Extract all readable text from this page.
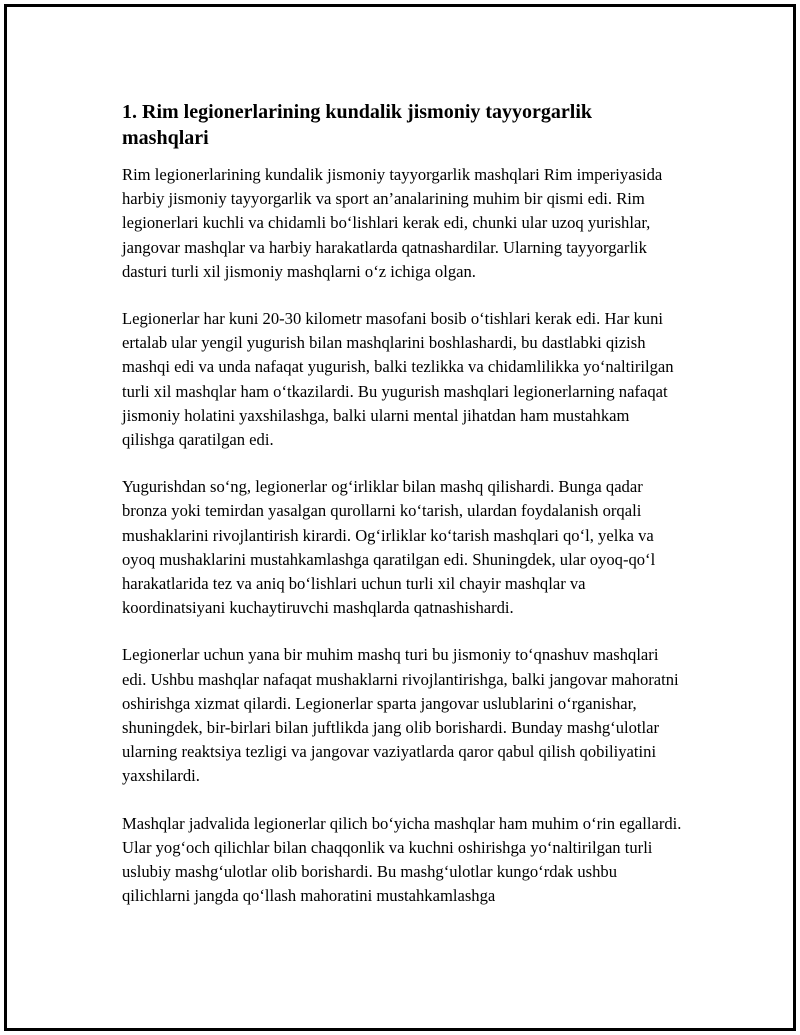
1. Rim legionerlarining kundalik jismoniy tayyorgarlik mashqlari

Rim legionerlarining kundalik jismoniy tayyorgarlik mashqlari Rim imperiyasida harbiy jismoniy tayyorgarlik va sport an’analarining muhim bir qismi edi. Rim legionerlari kuchli va chidamli bo‘lishlari kerak edi, chunki ular uzoq yurishlar, jangovar mashqlar va harbiy harakatlarda qatnashardilar. Ularning tayyorgarlik dasturi turli xil jismoniy mashqlarni o‘z ichiga olgan.

Legionerlar har kuni 20-30 kilometr masofani bosib o‘tishlari kerak edi. Har kuni ertalab ular yengil yugurish bilan mashqlarini boshlashardi, bu dastlabki qizish mashqi edi va unda nafaqat yugurish, balki tezlikka va chidamlilikka yo‘naltirilgan turli xil mashqlar ham o‘tkazilardi. Bu yugurish mashqlari legionerlarning nafaqat jismoniy holatini yaxshilashga, balki ularni mental jihatdan ham mustahkam qilishga qaratilgan edi.

Yugurishdan so‘ng, legionerlar og‘irliklar bilan mashq qilishardi. Bunga qadar bronza yoki temirdan yasalgan qurollarni ko‘tarish, ulardan foydalanish orqali mushaklarini rivojlantirish kirardi. Og‘irliklar ko‘tarish mashqlari qo‘l, yelka va oyoq mushaklarini mustahkamlashga qaratilgan edi. Shuningdek, ular oyoq-qo‘l harakatlarida tez va aniq bo‘lishlari uchun turli xil chayir mashqlar va koordinatsiyani kuchaytiruvchi mashqlarda qatnashishardi.

Legionerlar uchun yana bir muhim mashq turi bu jismoniy to‘qnashuv mashqlari edi. Ushbu mashqlar nafaqat mushaklarni rivojlantirishga, balki jangovar mahoratni oshirishga xizmat qilardi. Legionerlar sparta jangovar uslublarini o‘rganishar, shuningdek, bir-birlari bilan juftlikda jang olib borishardi. Bunday mashg‘ulotlar ularning reaktsiya tezligi va jangovar vaziyatlarda qaror qabul qilish qobiliyatini yaxshilardi.

Mashqlar jadvalida legionerlar qilich bo‘yicha mashqlar ham muhim o‘rin egallardi. Ular yog‘och qilichlar bilan chaqqonlik va kuchni oshirishga yo‘naltirilgan turli uslubiy mashg‘ulotlar olib borishardi. Bu mashg‘ulotlar kungo‘rdak ushbu qilichlarni jangda qo‘llash mahoratini mustahkamlashga
